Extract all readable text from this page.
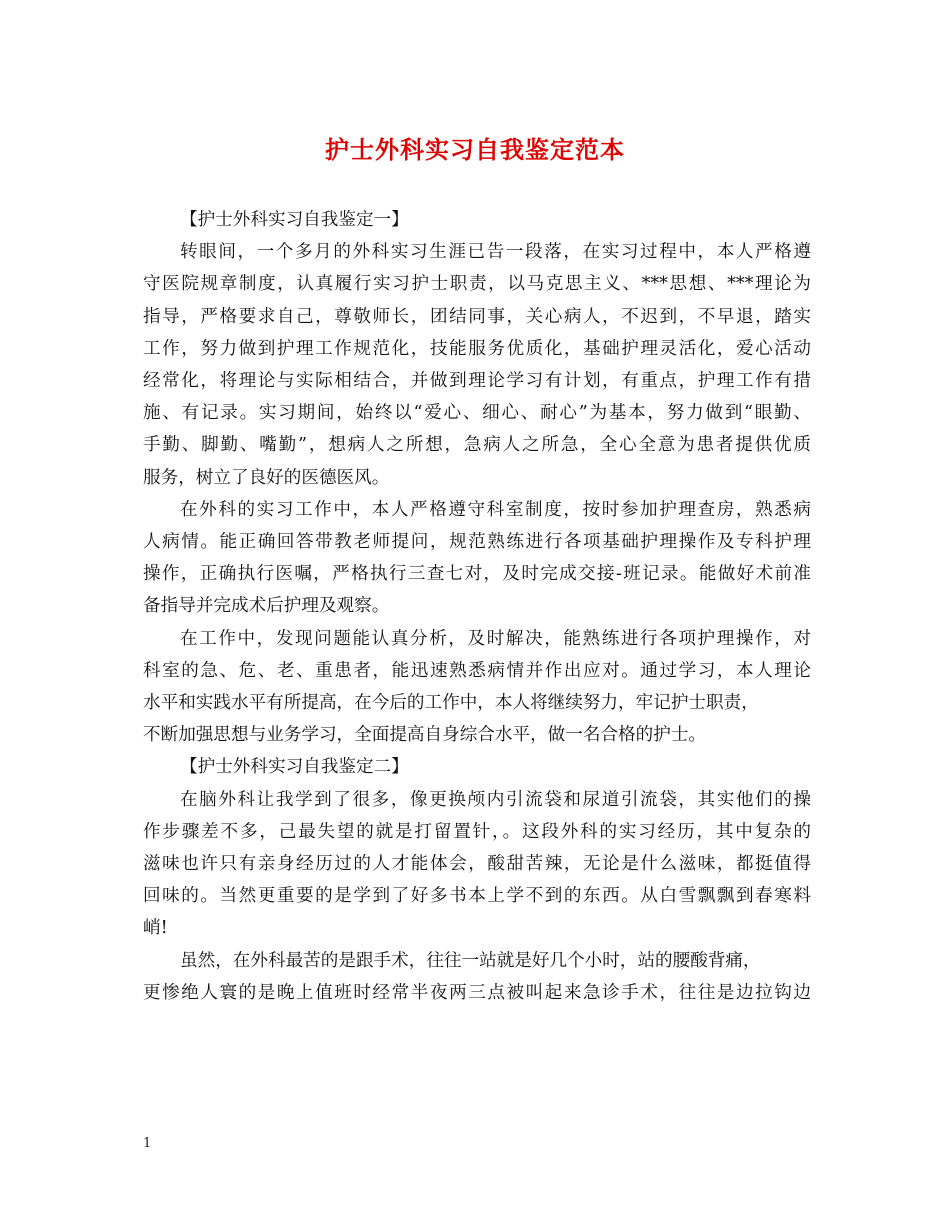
护士外科实习自我鉴定范本
【护士外科实习自我鉴定一】
转眼间，一个多月的外科实习生涯已告一段落，在实习过程中，本人严格遵
守医院规章制度，认真履行实习护士职责，以马克思主义、***思想、***理论为
指导，严格要求自己，尊敬师长，团结同事，关心病人，不迟到，不早退，踏实
工作，努力做到护理工作规范化，技能服务优质化，基础护理灵活化，爱心活动
经常化，将理论与实际相结合，并做到理论学习有计划，有重点，护理工作有措
施、有记录。实习期间，始终以“爱心、细心、耐心”为基本，努力做到“眼勤、
手勤、脚勤、嘴勤”，想病人之所想，急病人之所急，全心全意为患者提供优质
服务，树立了良好的医德医风。
在外科的实习工作中，本人严格遵守科室制度，按时参加护理查房，熟悉病
人病情。能正确回答带教老师提问，规范熟练进行各项基础护理操作及专科护理
操作，正确执行医嘱，严格执行三查七对，及时完成交接-班记录。能做好术前准
备指导并完成术后护理及观察。
在工作中，发现问题能认真分析，及时解决，能熟练进行各项护理操作，对
科室的急、危、老、重患者，能迅速熟悉病情并作出应对。通过学习，本人理论
水平和实践水平有所提高，在今后的工作中，本人将继续努力，牢记护士职责，
不断加强思想与业务学习，全面提高自身综合水平，做一名合格的护士。
【护士外科实习自我鉴定二】
在脑外科让我学到了很多，像更换颅内引流袋和尿道引流袋，其实他们的操
作步骤差不多，己最失望的就是打留置针，。这段外科的实习经历，其中复杂的
滋味也许只有亲身经历过的人才能体会，酸甜苦辣，无论是什么滋味，都挺值得
回味的。当然更重要的是学到了好多书本上学不到的东西。从白雪飘飘到春寒料
峭!
虽然，在外科最苦的是跟手术，往往一站就是好几个小时，站的腰酸背痛，
更惨绝人寰的是晚上值班时经常半夜两三点被叫起来急诊手术，往往是边拉钩边
1
